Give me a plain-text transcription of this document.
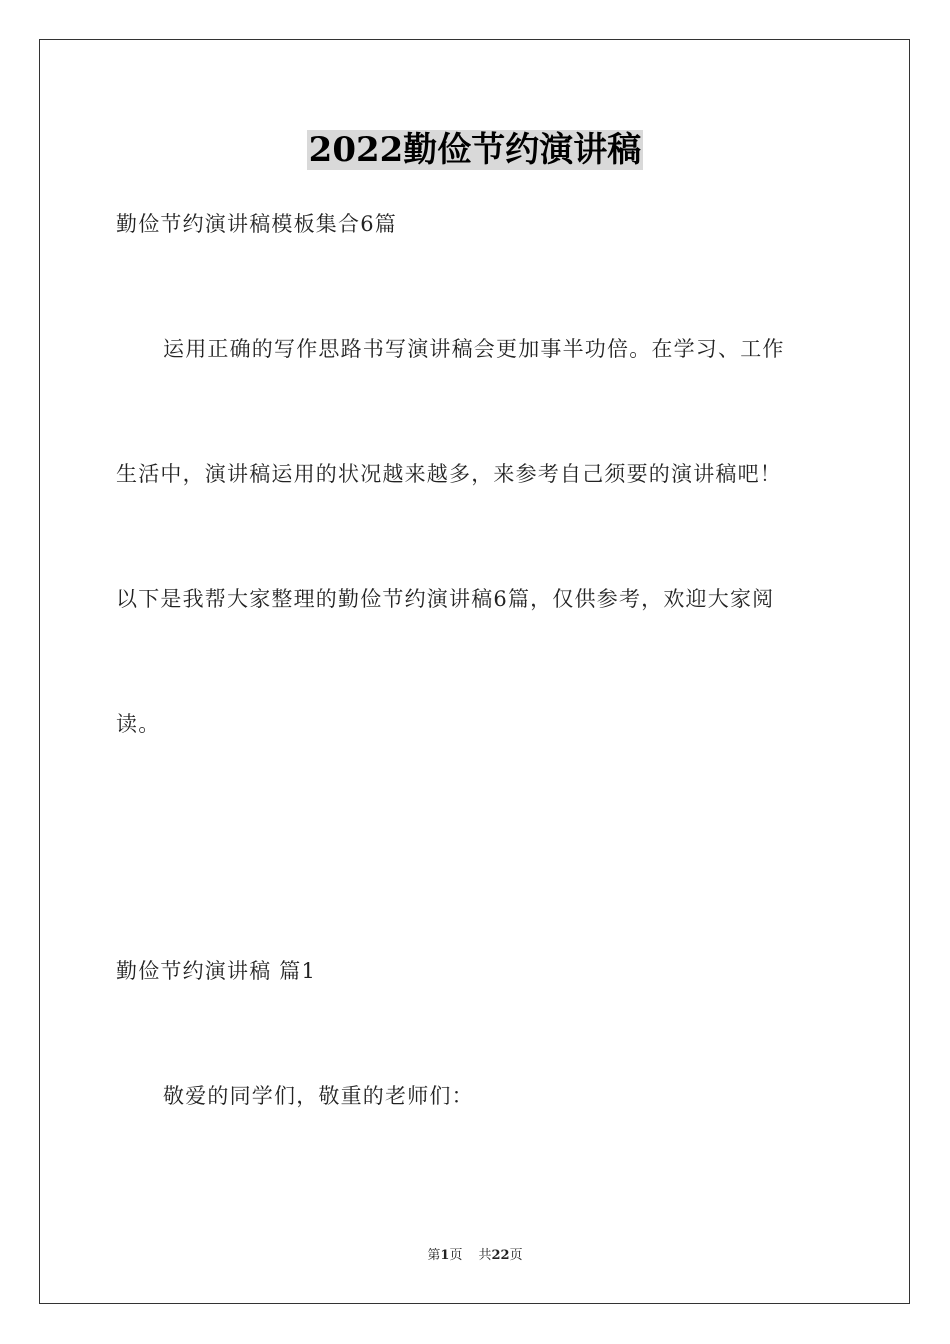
2022勤俭节约演讲稿
勤俭节约演讲稿模板集合6篇
运用正确的写作思路书写演讲稿会更加事半功倍。在学习、工作
生活中，演讲稿运用的状况越来越多，来参考自己须要的演讲稿吧！
以下是我帮大家整理的勤俭节约演讲稿6篇，仅供参考，欢迎大家阅
读。
勤俭节约演讲稿 篇1
敬爱的同学们，敬重的老师们：
第1页 共22页
